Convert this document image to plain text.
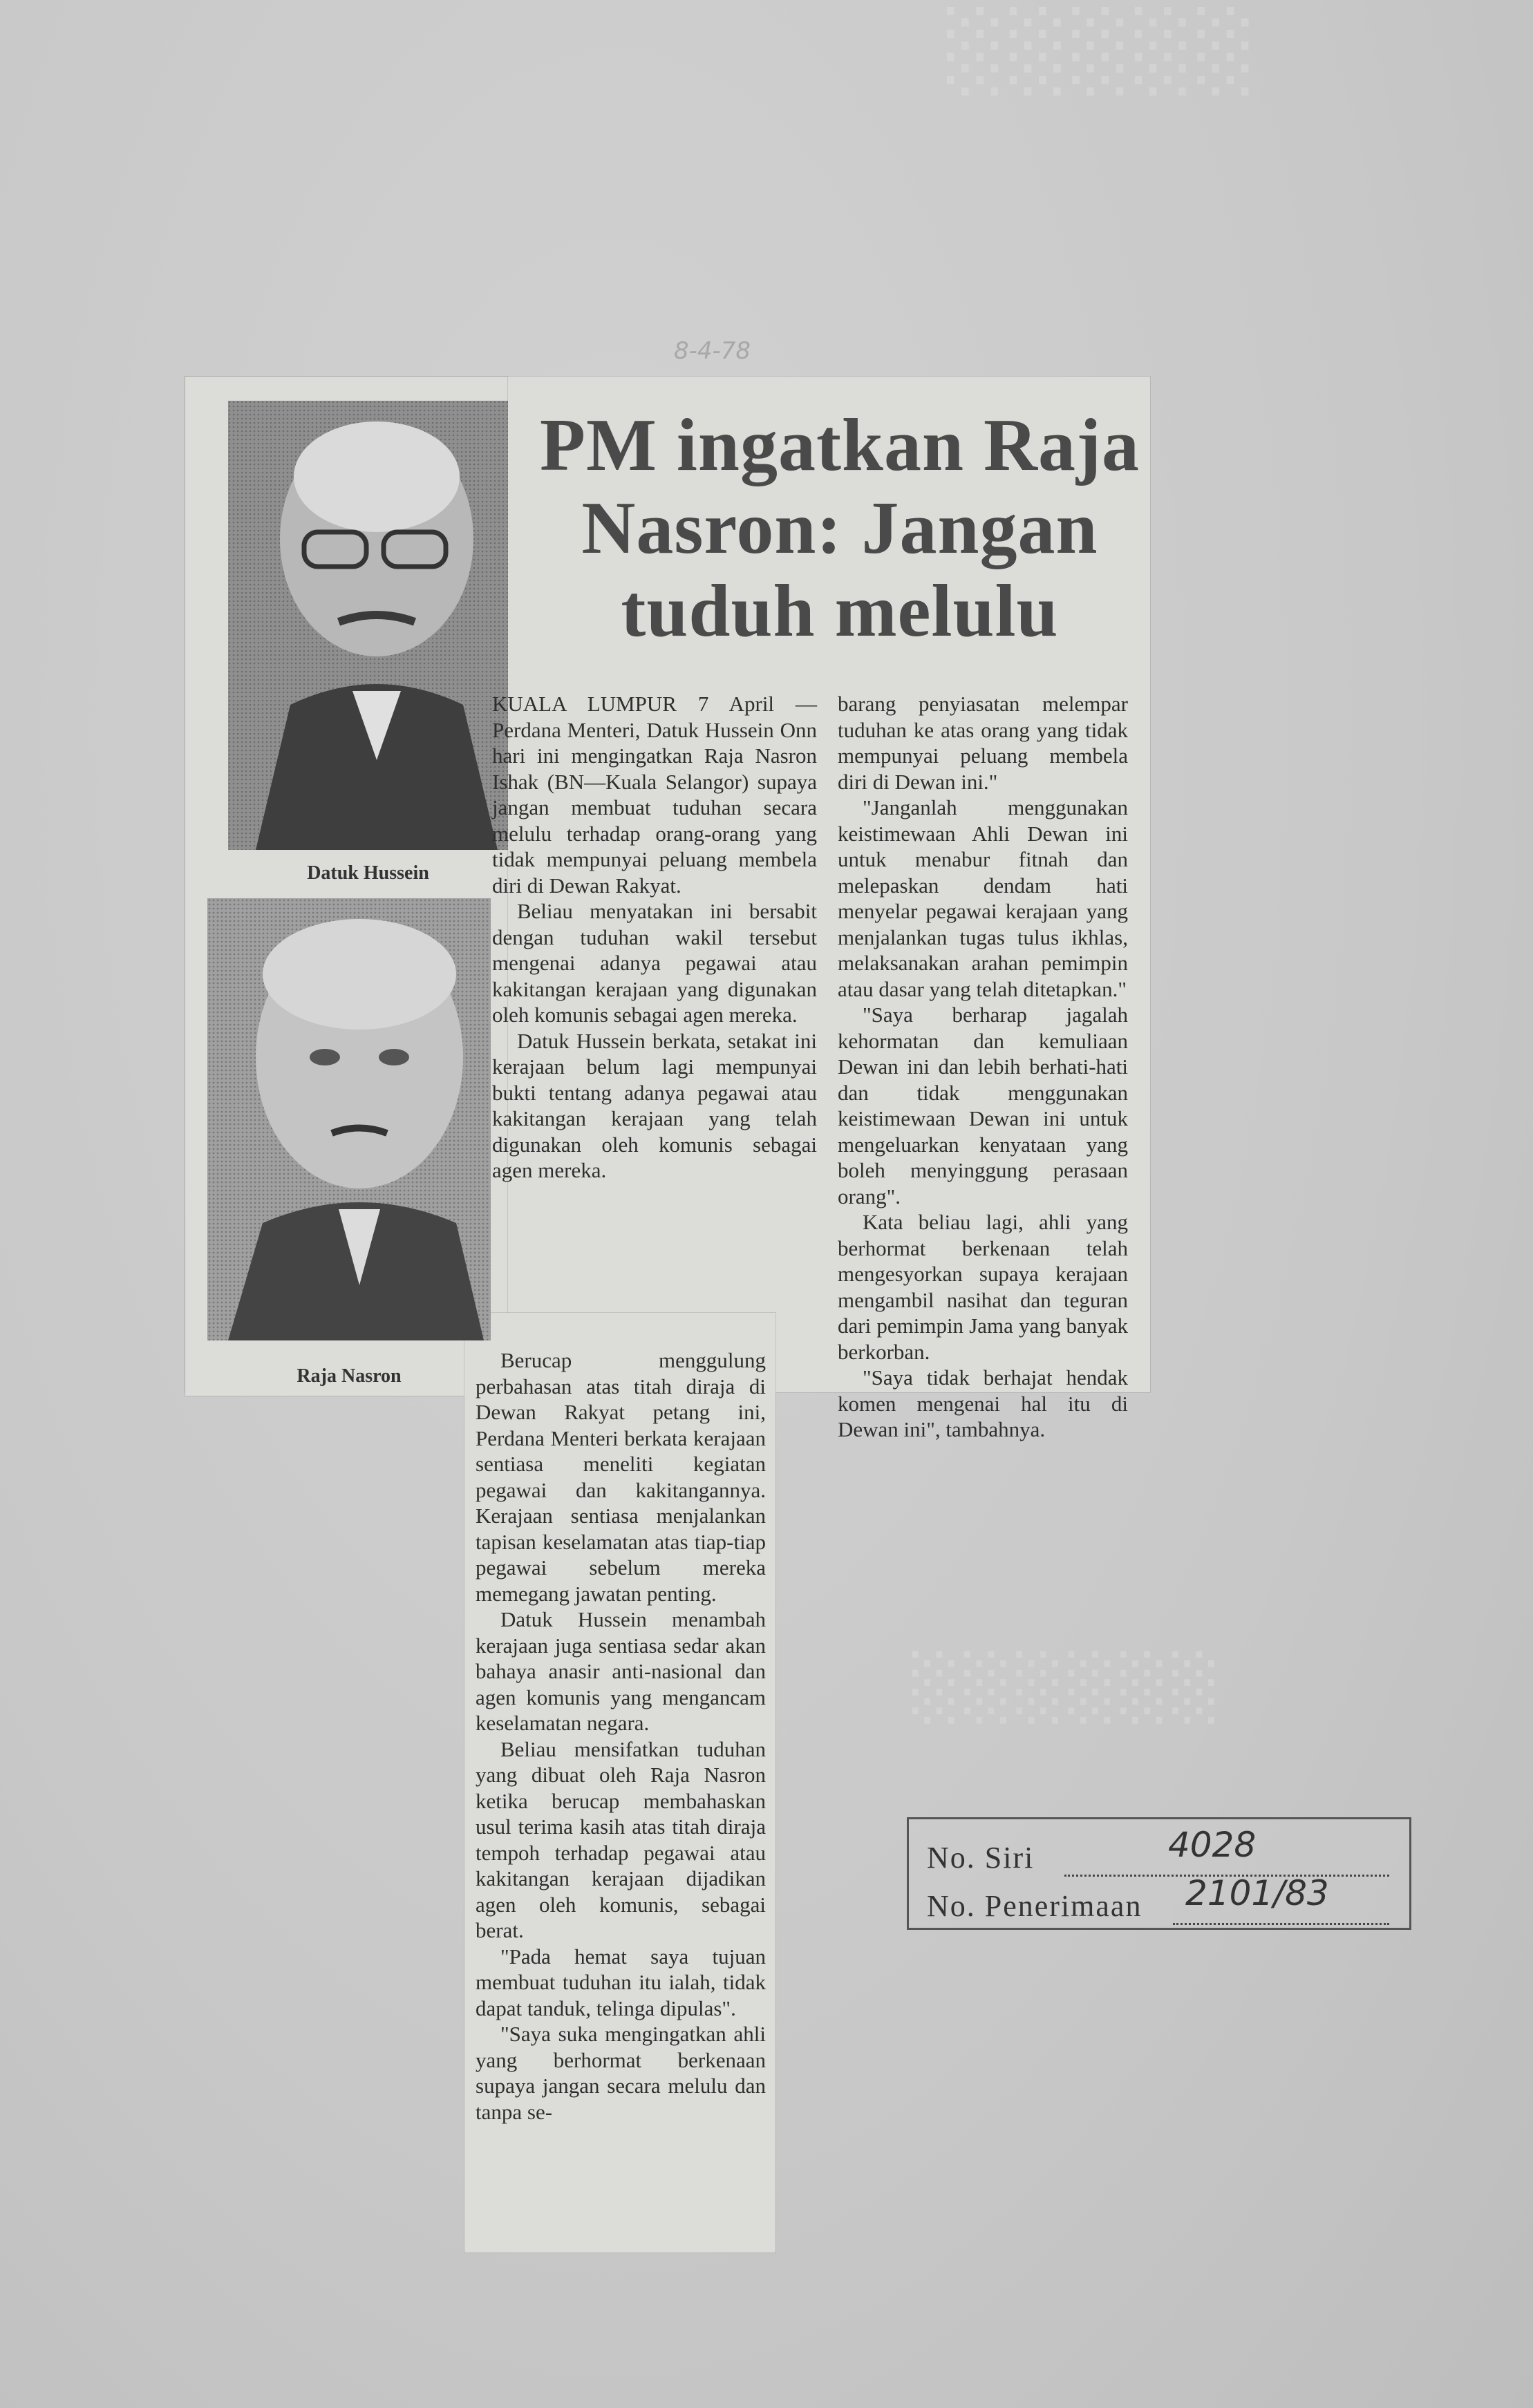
░░░░░
░░░░░░
8-4-78
Datuk Hussein
Raja Nasron
PM ingatkan Raja Nasron: Jangan tuduh melulu

KUALA LUMPUR 7 April — Perdana Menteri, Datuk Hussein Onn hari ini mengingatkan Raja Nasron Ishak (BN—Kuala Selangor) supaya jangan membuat tuduhan secara melulu terhadap orang-orang yang tidak mempunyai peluang membela diri di Dewan Rakyat.

Beliau menyatakan ini bersabit dengan tuduhan wakil tersebut mengenai adanya pegawai atau kakitangan kerajaan yang digunakan oleh komunis sebagai agen mereka.

Datuk Hussein berkata, setakat ini kerajaan belum lagi mempunyai bukti tentang adanya pegawai atau kakitangan kerajaan yang telah digunakan oleh komunis sebagai agen mereka.

Berucap menggulung perbahasan atas titah diraja di Dewan Rakyat petang ini, Perdana Menteri berkata kerajaan sentiasa meneliti kegiatan pegawai dan kakitangannya. Kerajaan sentiasa menjalankan tapisan keselamatan atas tiap-tiap pegawai sebelum mereka memegang jawatan penting.

Datuk Hussein menambah kerajaan juga sentiasa sedar akan bahaya anasir anti-nasional dan agen komunis yang mengancam keselamatan negara.

Beliau mensifatkan tuduhan yang dibuat oleh Raja Nasron ketika berucap membahaskan usul terima kasih atas titah diraja tempoh terhadap pegawai atau kakitangan kerajaan dijadikan agen oleh komunis, sebagai berat.

"Pada hemat saya tujuan membuat tuduhan itu ialah, tidak dapat tanduk, telinga dipulas".

"Saya suka mengingatkan ahli yang berhormat berkenaan supaya jangan secara melulu dan tanpa se-

barang penyiasatan melempar tuduhan ke atas orang yang tidak mempunyai peluang membela diri di Dewan ini."

"Janganlah menggunakan keistimewaan Ahli Dewan ini untuk menabur fitnah dan melepaskan dendam hati menyelar pegawai kerajaan yang menjalankan tugas tulus ikhlas, melaksanakan arahan pemimpin atau dasar yang telah ditetapkan."

"Saya berharap jagalah kehormatan dan kemuliaan Dewan ini dan lebih berhati-hati dan tidak menggunakan keistimewaan Dewan ini untuk mengeluarkan kenyataan yang boleh menyinggung perasaan orang".

Kata beliau lagi, ahli yang berhormat berkenaan telah mengesyorkan supaya kerajaan mengambil nasihat dan teguran dari pemimpin Jama yang banyak berkorban.

"Saya tidak berhajat hendak komen mengenai hal itu di Dewan ini", tambahnya.

No. Siri	4028
No. Penerimaan 2101/83
